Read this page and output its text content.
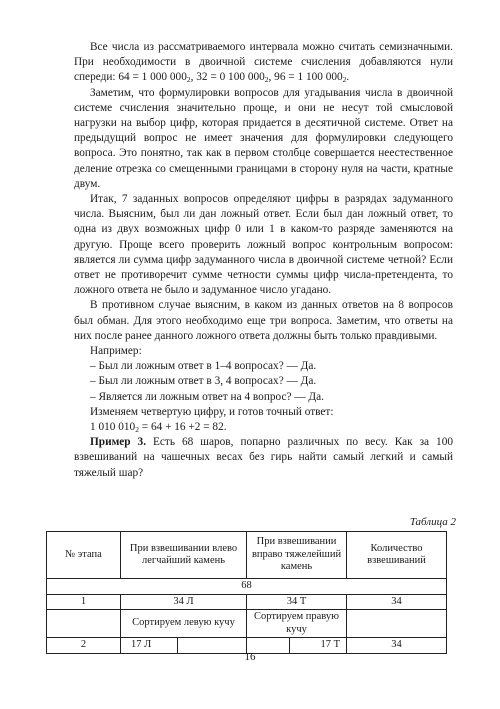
Все числа из рассматриваемого интервала можно считать семизначными. При необходимости в двоичной системе счисления добавляются нули спереди: 64 = 1 000 $000_2$, 32 = 0 100 $000_2$, 96 = 1 100 $000_2$.

Заметим, что формулировки вопросов для угадывания числа в двоичной системе счисления значительно проще, и они не несут той смысловой нагрузки на выбор цифр, которая придается в десятичной системе. Ответ на предыдущий вопрос не имеет значения для формулировки следующего вопроса. Это понятно, так как в первом столбце совершается неестественное деление отрезка со смещенными границами в сторону нуля на части, кратные двум.

Итак, 7 заданных вопросов определяют цифры в разрядах задуманного числа. Выясним, был ли дан ложный ответ. Если был дан ложный ответ, то одна из двух возможных цифр 0 или 1 в каком-то разряде заменяются на другую. Проще всего проверить ложный вопрос контрольным вопросом: является ли сумма цифр задуманного числа в двоичной системе четной? Если ответ не противоречит сумме четности суммы цифр числа-претендента, то ложного ответа не было и задуманное число угадано.

В противном случае выясним, в каком из данных ответов на 8 вопросов был обман. Для этого необходимо еще три вопроса. Заметим, что ответы на них после ранее данного ложного ответа должны быть только правдивыми.

Например:

– Был ли ложным ответ в 1–4 вопросах? — Да.

– Был ли ложным ответ в 3, 4 вопросах? — Да.

– Является ли ложным ответ на 4 вопрос? — Да.

Изменяем четвертую цифру, и готов точный ответ:

1 010 $010_2 = 64 + 16 +2 = 82$.

Пример 3. Есть 68 шаров, попарно различных по весу. Как за 100 взвешиваний на чашечных весах без гирь найти самый легкий и самый тяжелый шар?

Таблица 2
№ этапа	При взвешивании влево легчайший камень		При взвешивании вправо тяжелейший камень		Количество взвешиваний
68					
1	34 Л		34 Т		34
	Сортируем левую кучу		Сортируем правую кучу		
2	17 Л			17 Т	34
16
